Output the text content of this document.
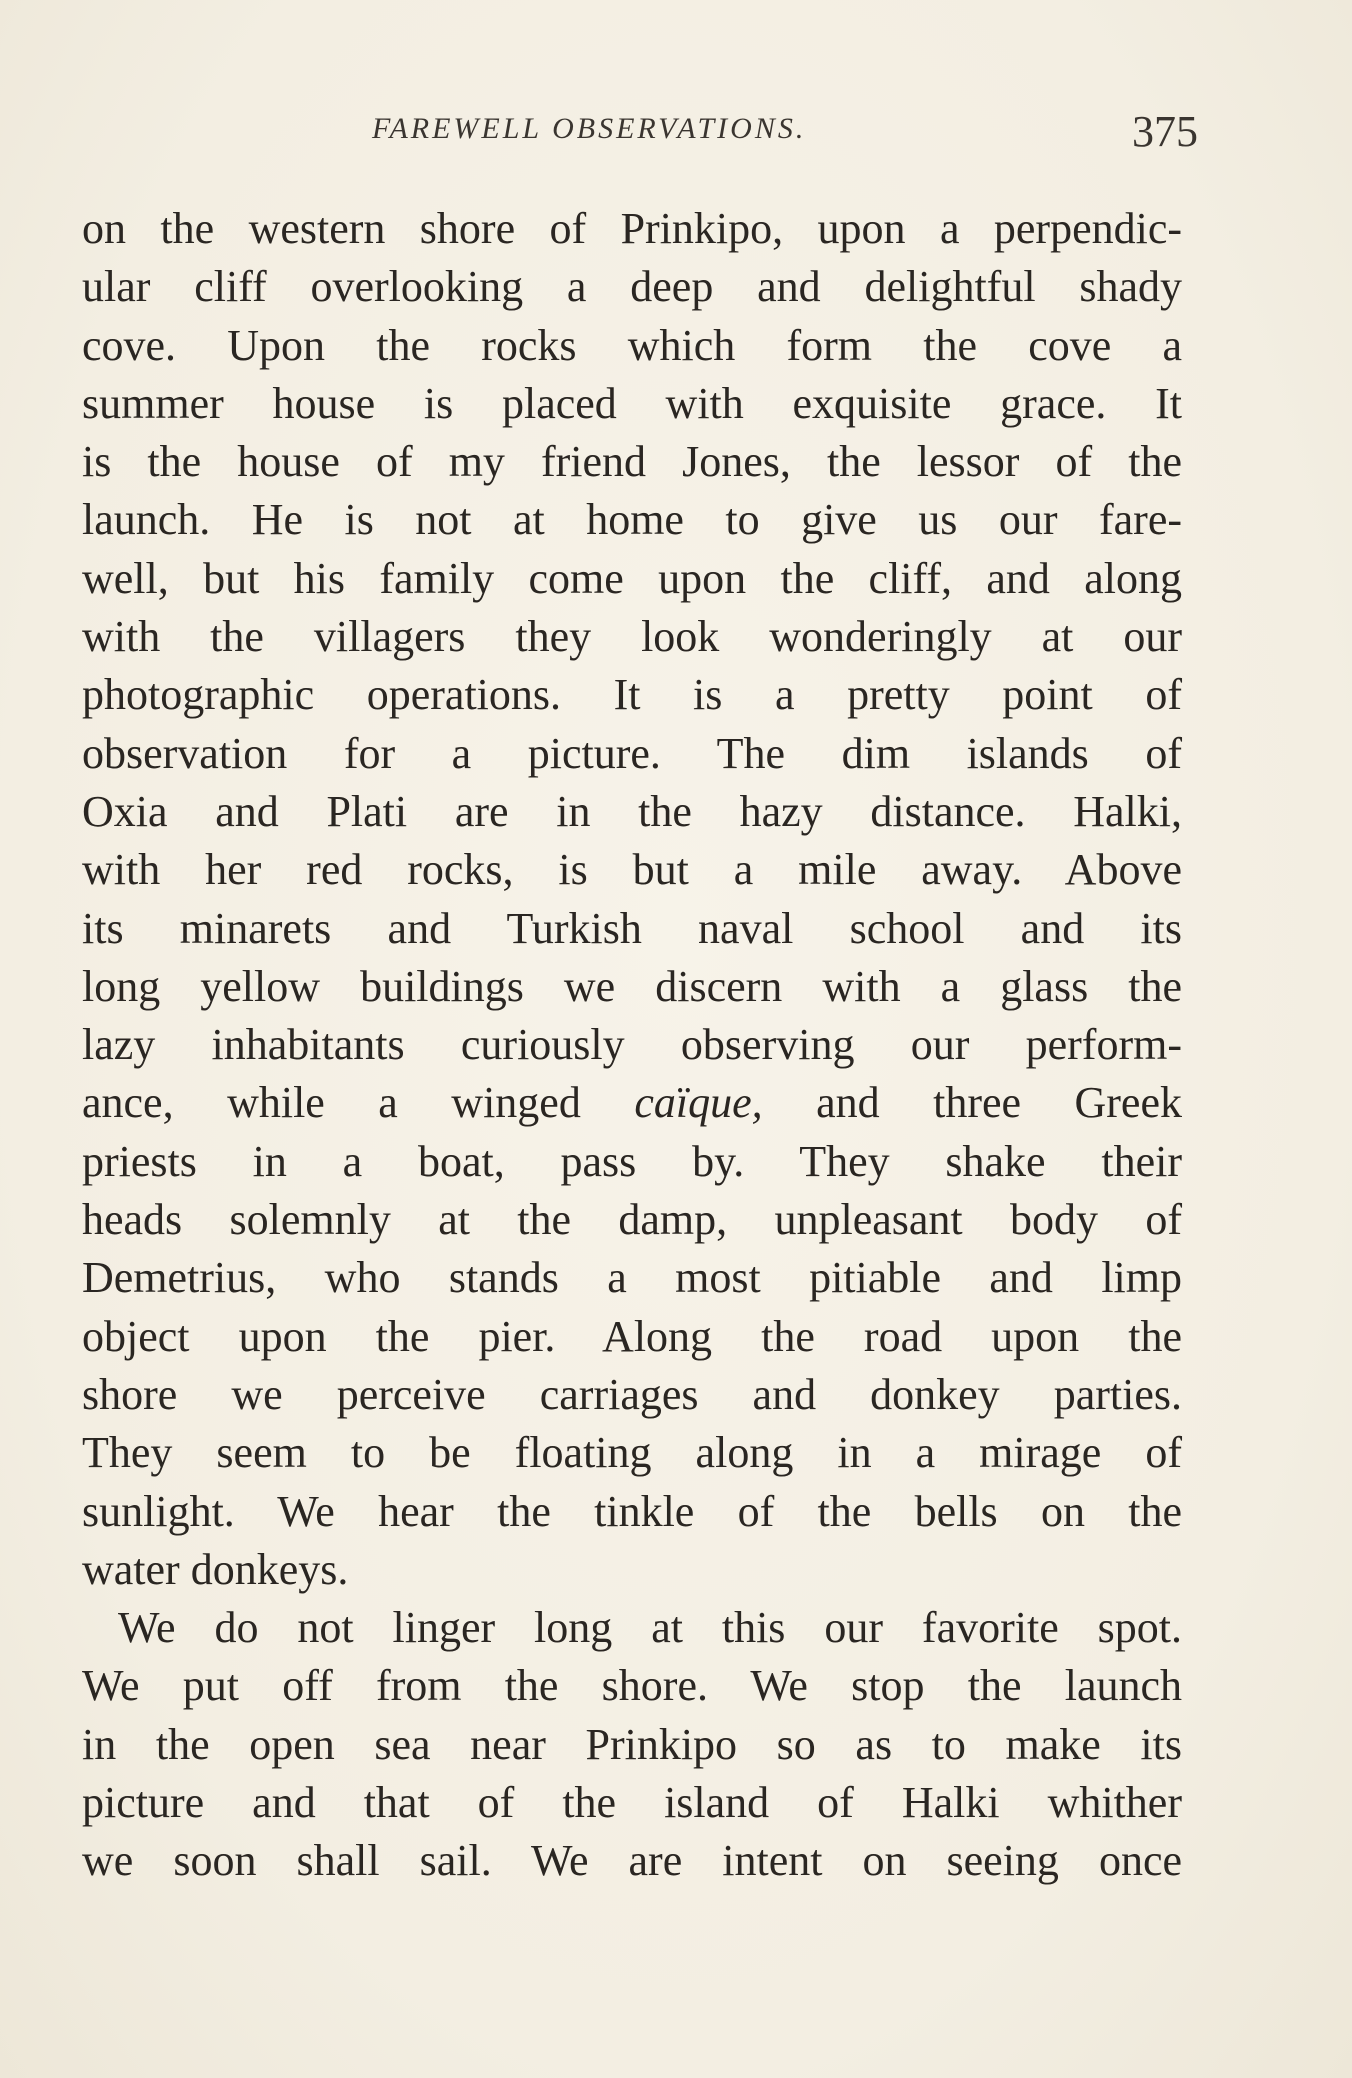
FAREWELL OBSERVATIONS.	375
on the western shore of Prinkipo, upon a perpendic-
ular cliff overlooking a deep and delightful shady
cove. Upon the rocks which form the cove a
summer house is placed with exquisite grace. It
is the house of my friend Jones, the lessor of the
launch. He is not at home to give us our fare-
well, but his family come upon the cliff, and along
with the villagers they look wonderingly at our
photographic operations. It is a pretty point of
observation for a picture. The dim islands of
Oxia and Plati are in the hazy distance. Halki,
with her red rocks, is but a mile away. Above
its minarets and Turkish naval school and its
long yellow buildings we discern with a glass the
lazy inhabitants curiously observing our perform-
ance, while a winged caïque, and three Greek
priests in a boat, pass by. They shake their
heads solemnly at the damp, unpleasant body of
Demetrius, who stands a most pitiable and limp
object upon the pier. Along the road upon the
shore we perceive carriages and donkey parties.
They seem to be floating along in a mirage of
sunlight. We hear the tinkle of the bells on the
water donkeys.
We do not linger long at this our favorite spot.
We put off from the shore. We stop the launch
in the open sea near Prinkipo so as to make its
picture and that of the island of Halki whither
we soon shall sail. We are intent on seeing once
